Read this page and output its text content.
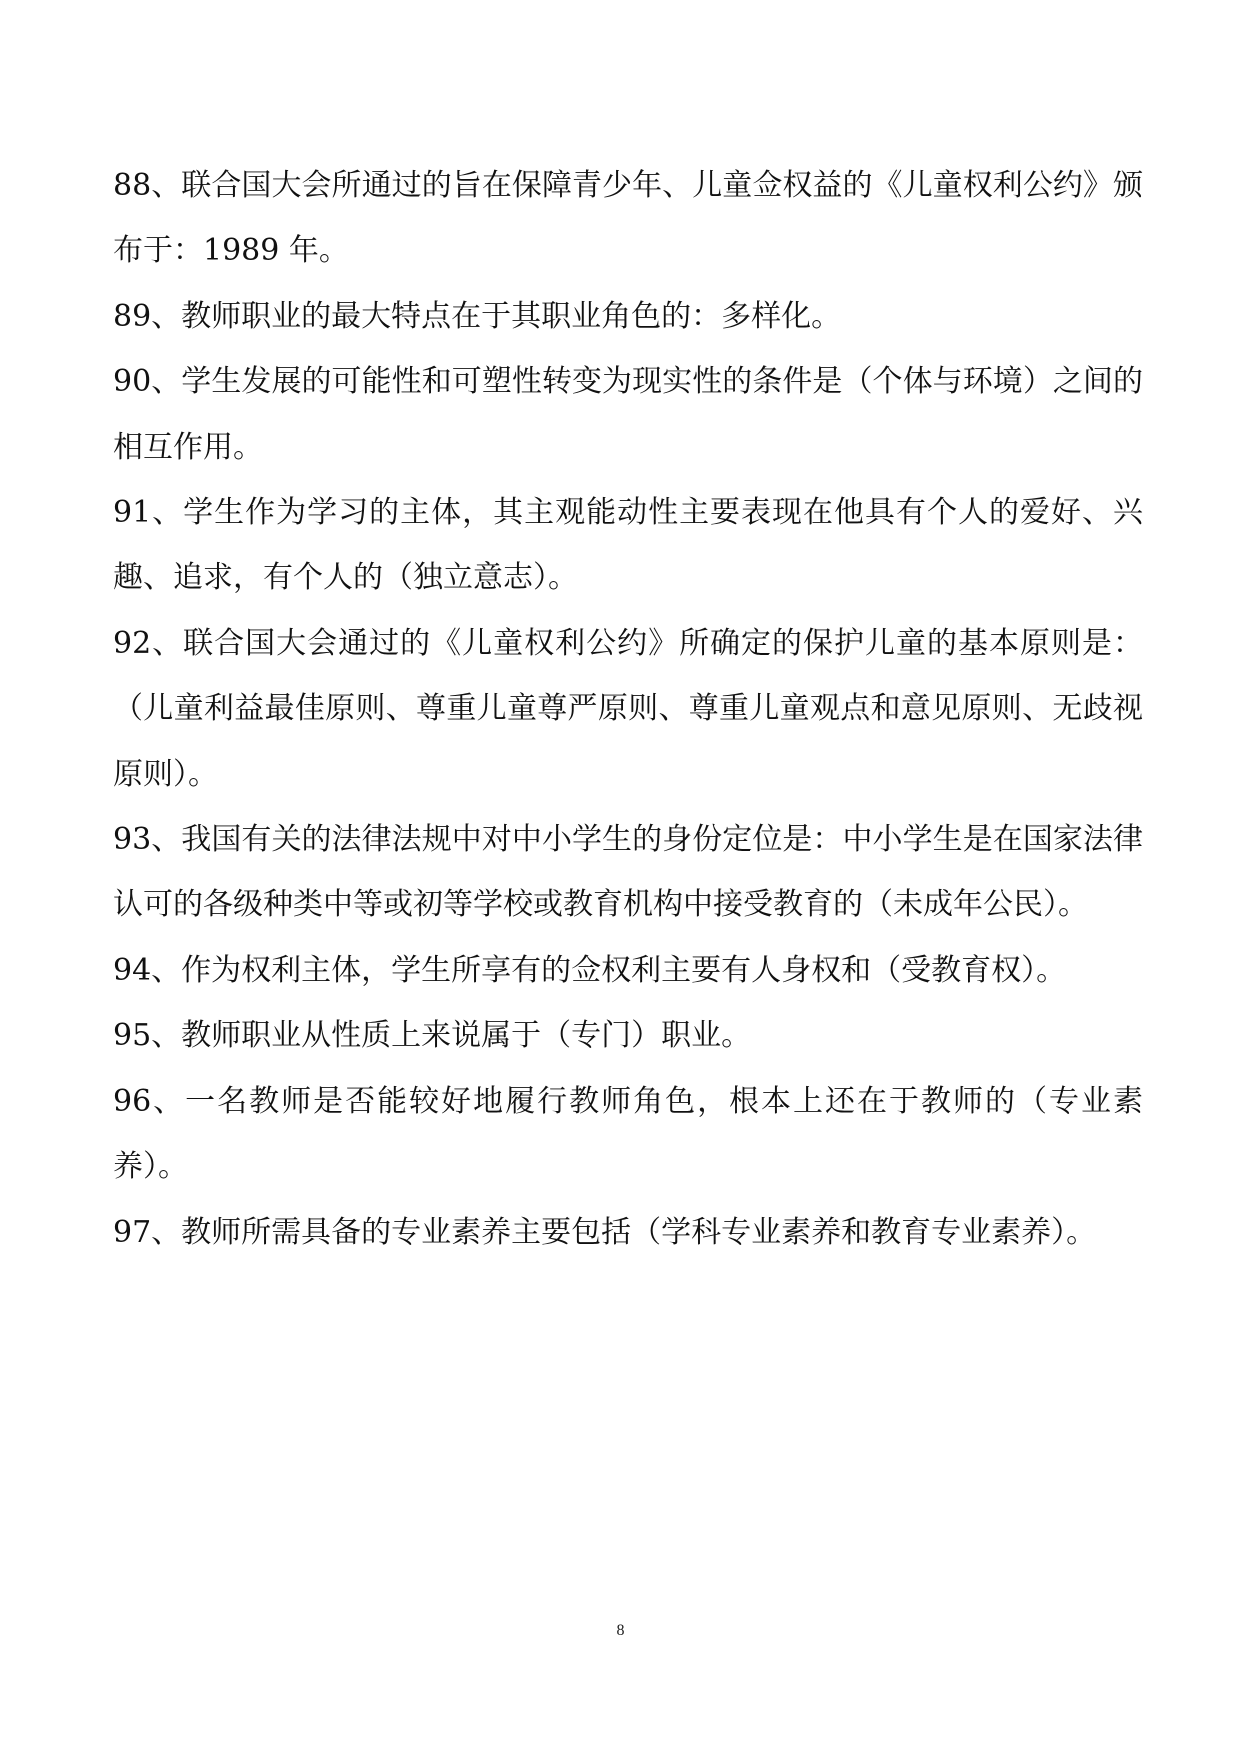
88、联合国大会所通过的旨在保障青少年、儿童佥权益的《儿童权利公约》颁布于：1989 年。

89、教师职业的最大特点在于其职业角色的：多样化。

90、学生发展的可能性和可塑性转变为现实性的条件是（个体与环境）之间的相互作用。

91、学生作为学习的主体，其主观能动性主要表现在他具有个人的爱好、兴趣、追求，有个人的（独立意志）。

92、联合国大会通过的《儿童权利公约》所确定的保护儿童的基本原则是：（儿童利益最佳原则、尊重儿童尊严原则、尊重儿童观点和意见原则、无歧视原则）。

93、我国有关的法律法规中对中小学生的身份定位是：中小学生是在国家法律认可的各级种类中等或初等学校或教育机构中接受教育的（未成年公民）。

94、作为权利主体，学生所享有的佥权利主要有人身权和（受教育权）。

95、教师职业从性质上来说属于（专门）职业。

96、一名教师是否能较好地履行教师角色，根本上还在于教师的（专业素养）。

97、教师所需具备的专业素养主要包括（学科专业素养和教育专业素养）。

8
